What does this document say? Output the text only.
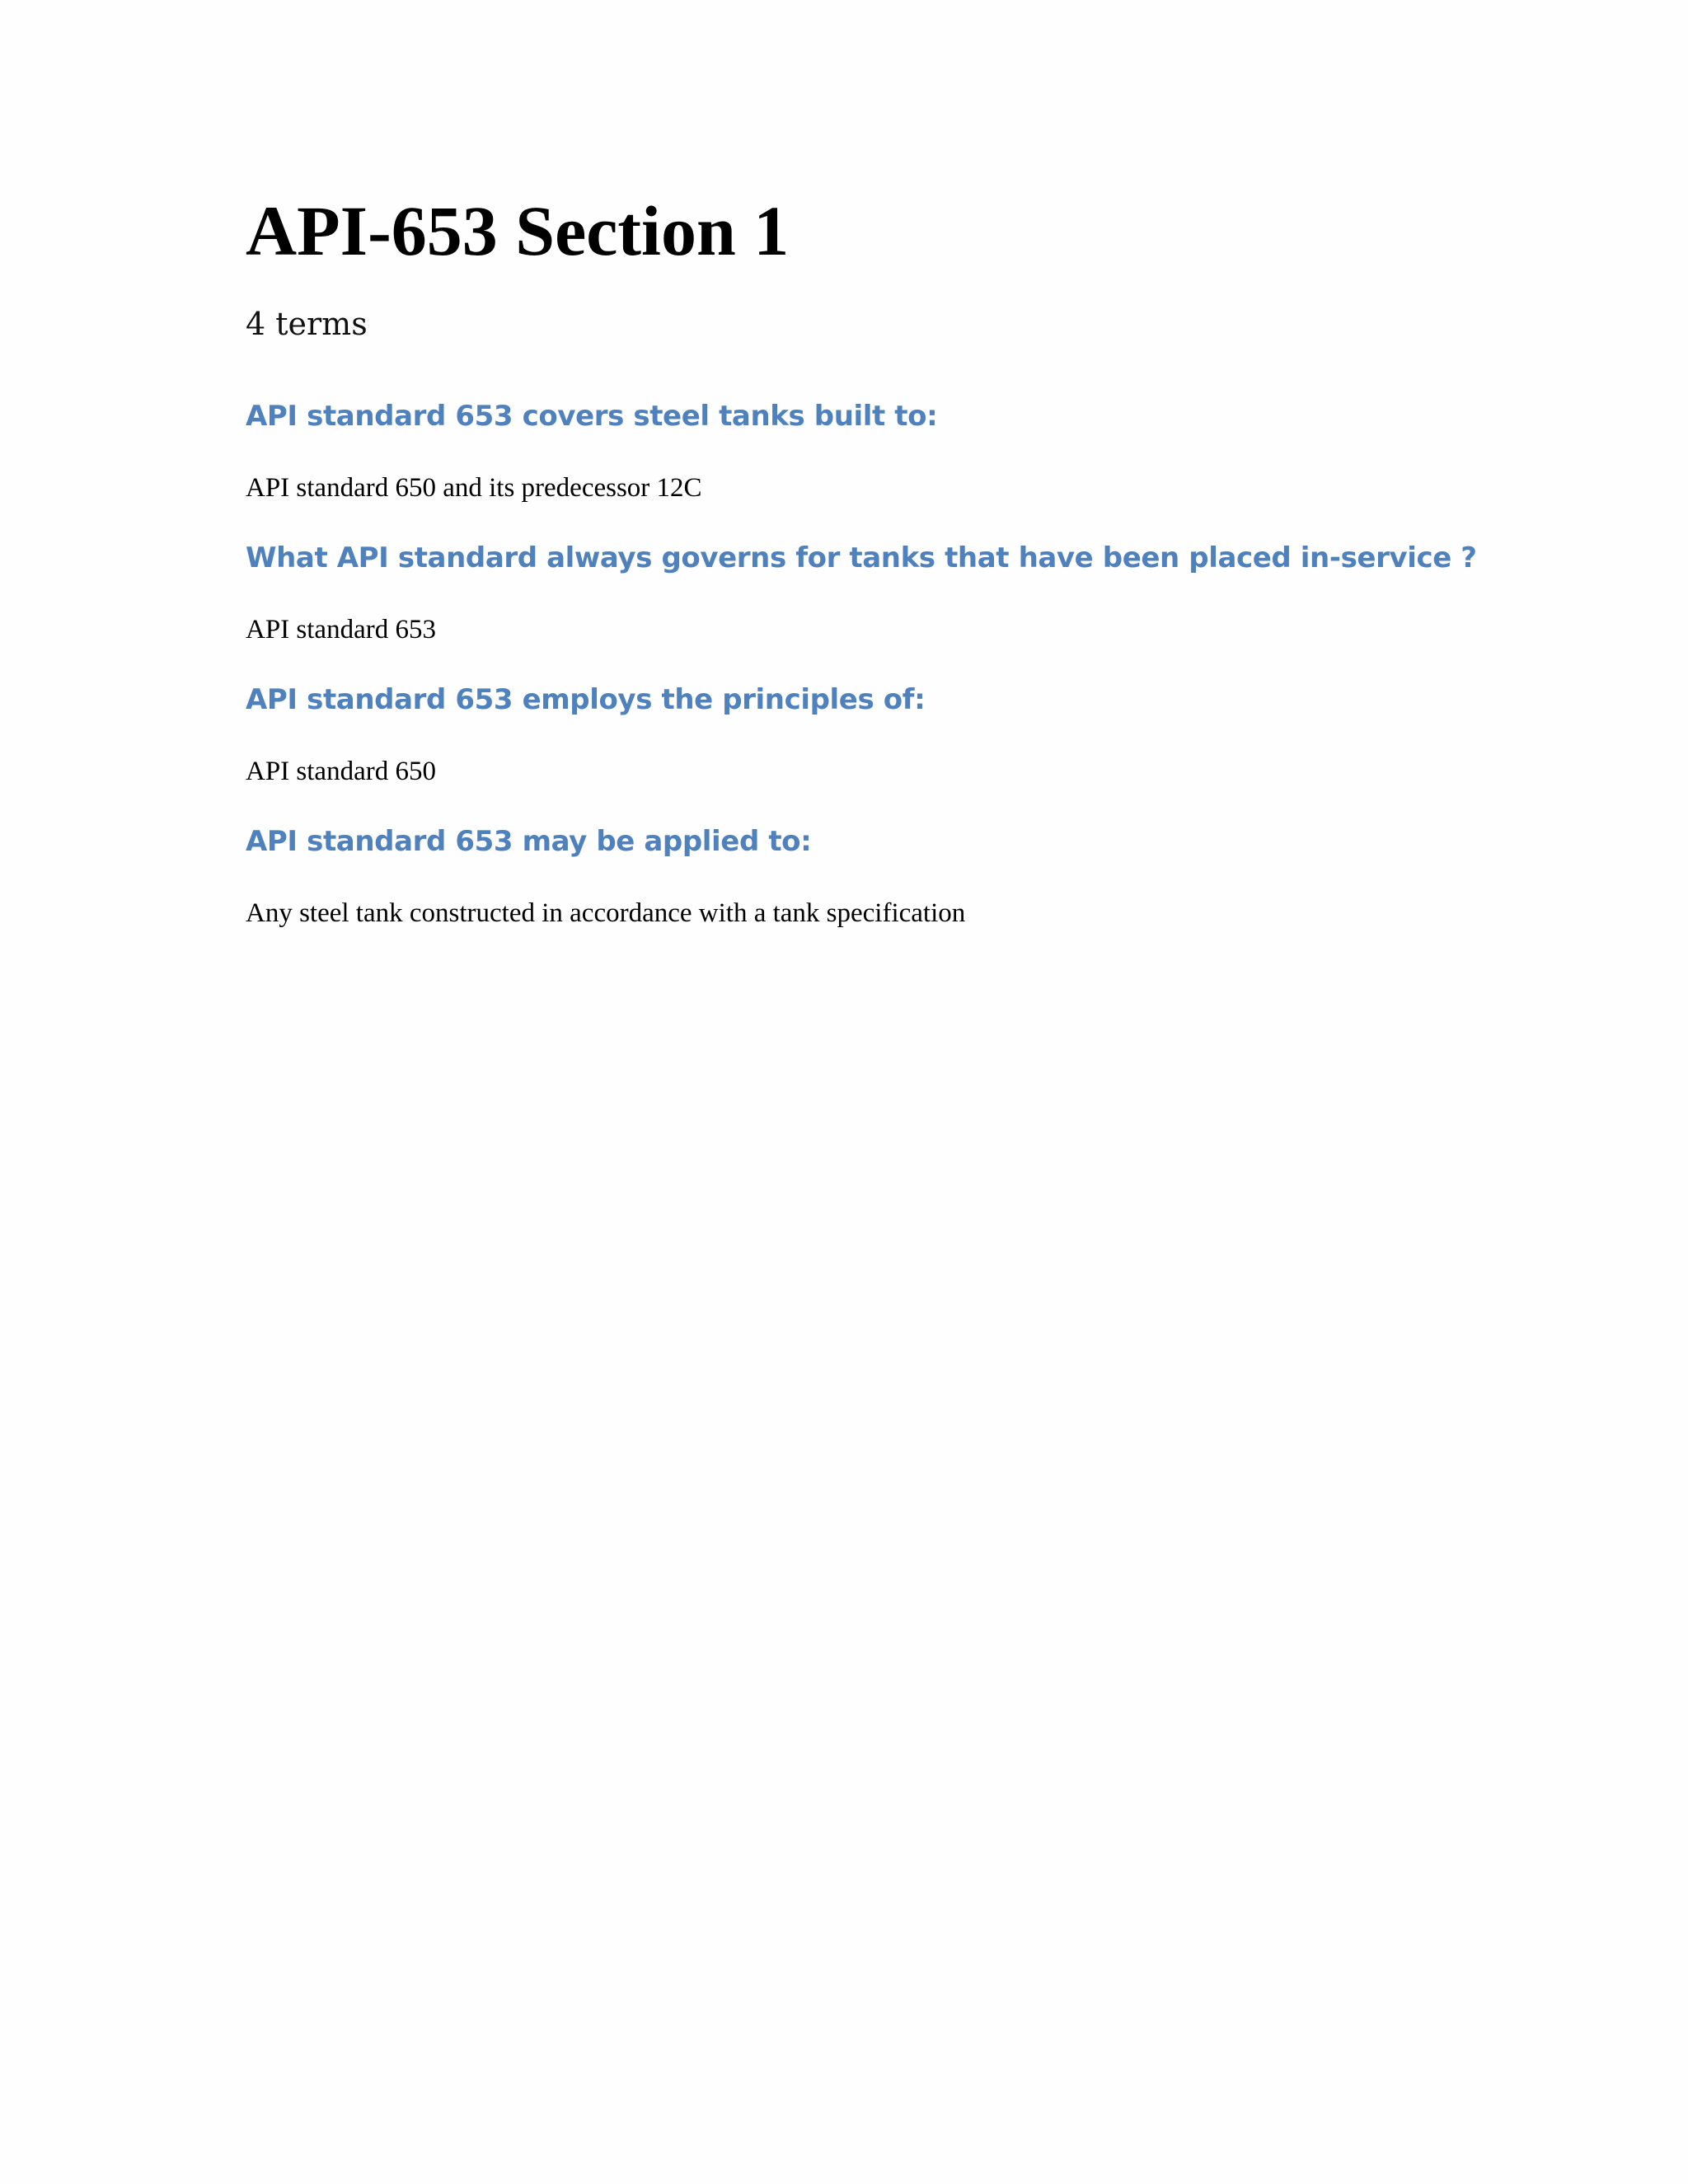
API-653 Section 1
4 terms
API standard 653 covers steel tanks built to:
API standard 650 and its predecessor 12C
What API standard always governs for tanks that have been placed in-service ?
API standard 653
API standard 653 employs the principles of:
API standard 650
API standard 653 may be applied to:
Any steel tank constructed in accordance with a tank specification
